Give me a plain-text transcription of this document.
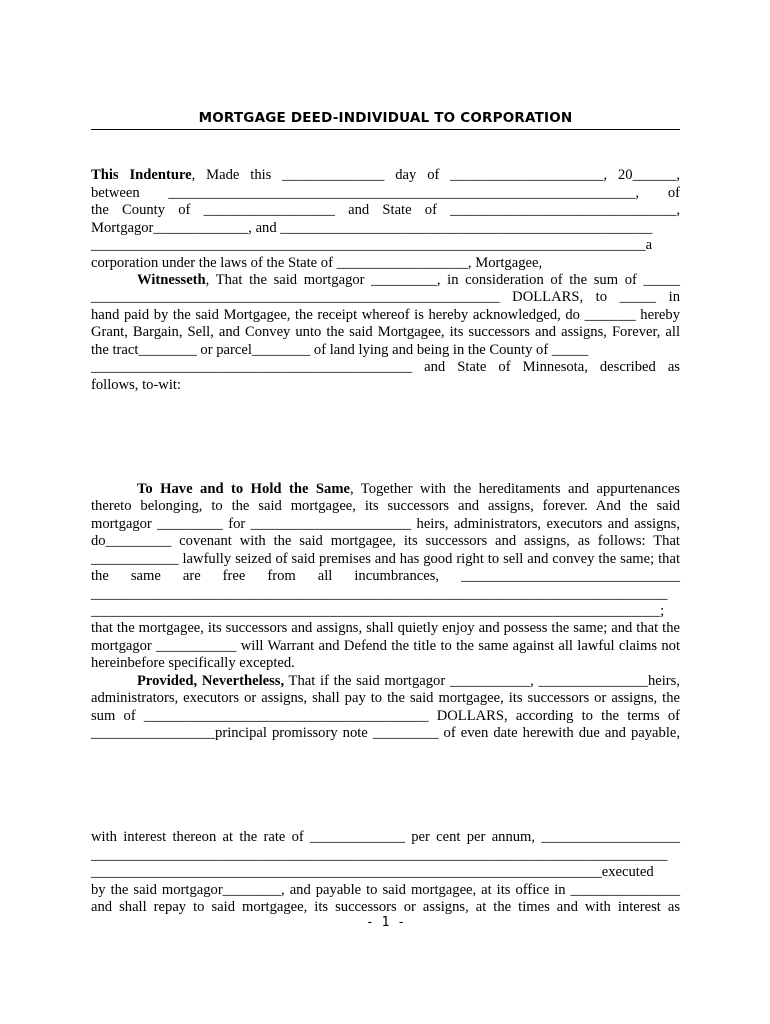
MORTGAGE DEED-INDIVIDUAL TO CORPORATION
This Indenture, Made this ______________ day of _____________________, 20______,
between ________________________________________________________________, of
the County of __________________ and State of _______________________________,
Mortgagor_____________, and ___________________________________________________
____________________________________________________________________________a
corporation under the laws of the State of __________________, Mortgagee,
Witnesseth, That the said mortgagor _________, in consideration of the sum of _____
________________________________________________________ DOLLARS, to _____ in
hand paid by the said Mortgagee, the receipt whereof is hereby acknowledged, do _______ hereby
Grant, Bargain, Sell, and Convey unto the said Mortgagee, its successors and assigns, Forever, all
the tract________ or parcel________ of land lying and being in the County of _____
____________________________________________ and State of Minnesota, described as
follows, to-wit:
To Have and to Hold the Same, Together with the hereditaments and appurtenances
thereto belonging, to the said mortgagee, its successors and assigns, forever. And the said
mortgagor _________ for ______________________ heirs, administrators, executors and assigns,
do_________ covenant with the said mortgagee, its successors and assigns, as follows: That
____________ lawfully seized of said premises and has good right to sell and convey the same; that
the same are free from all incumbrances, ______________________________
_______________________________________________________________________________
______________________________________________________________________________;
that the mortgagee, its successors and assigns, shall quietly enjoy and possess the same; and that the
mortgagor ___________ will Warrant and Defend the title to the same against all lawful claims not
hereinbefore specifically excepted.
Provided, Nevertheless, That if the said mortgagor ___________, _______________heirs,
administrators, executors or assigns, shall pay to the said mortgagee, its successors or assigns, the
sum of _______________________________________ DOLLARS, according to the terms of
_________________principal promissory note _________ of even date herewith due and payable,
with interest thereon at the rate of _____________ per cent per annum, ___________________
_______________________________________________________________________________
______________________________________________________________________executed
by the said mortgagor________, and payable to said mortgagee, at its office in _______________
and shall repay to said mortgagee, its successors or assigns, at the times and with interest as
- 1 -
